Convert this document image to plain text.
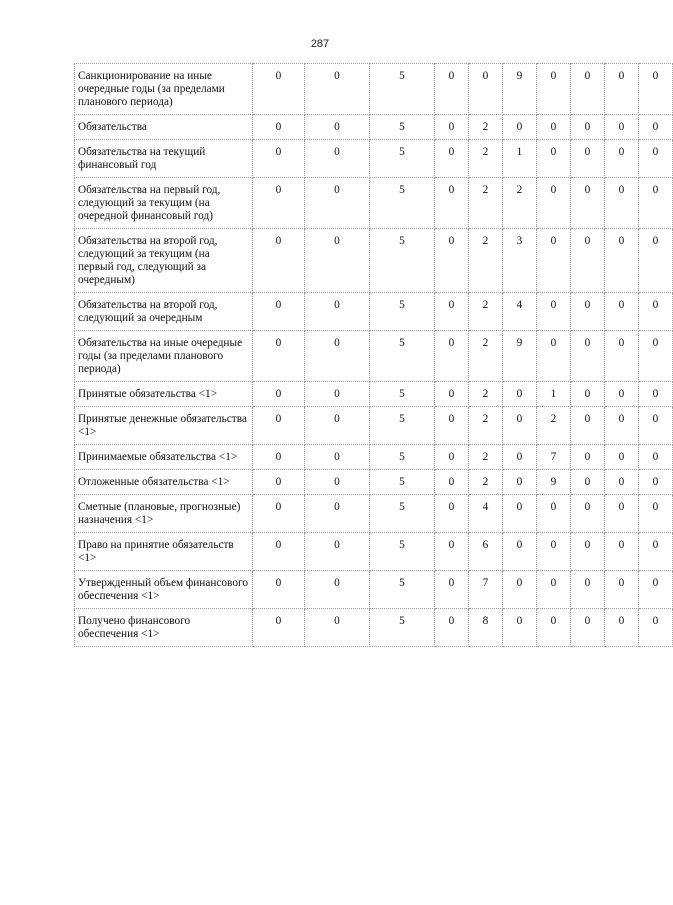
287
Санкционирование на иные очередные годы (за пределами планового периода)	0	0	5	0	0	9	0	0	0	0
Обязательства	0	0	5	0	2	0	0	0	0	0
Обязательства на текущий финансовый год	0	0	5	0	2	1	0	0	0	0
Обязательства на первый год, следующий за текущим (на очередной финансовый год)	0	0	5	0	2	2	0	0	0	0
Обязательства на второй год, следующий за текущим (на первый год, следующий за очередным)	0	0	5	0	2	3	0	0	0	0
Обязательства на второй год, следующий за очередным	0	0	5	0	2	4	0	0	0	0
Обязательства на иные очередные годы (за пределами планового периода)	0	0	5	0	2	9	0	0	0	0
Принятые обязательства <1>	0	0	5	0	2	0	1	0	0	0
Принятые денежные обязательства <1>	0	0	5	0	2	0	2	0	0	0
Принимаемые обязательства <1>	0	0	5	0	2	0	7	0	0	0
Отложенные обязательства <1>	0	0	5	0	2	0	9	0	0	0
Сметные (плановые, прогнозные) назначения <1>	0	0	5	0	4	0	0	0	0	0
Право на принятие обязательств <1>	0	0	5	0	6	0	0	0	0	0
Утвержденный объем финансового обеспечения <1>	0	0	5	0	7	0	0	0	0	0
Получено финансового обеспечения <1>	0	0	5	0	8	0	0	0	0	0
